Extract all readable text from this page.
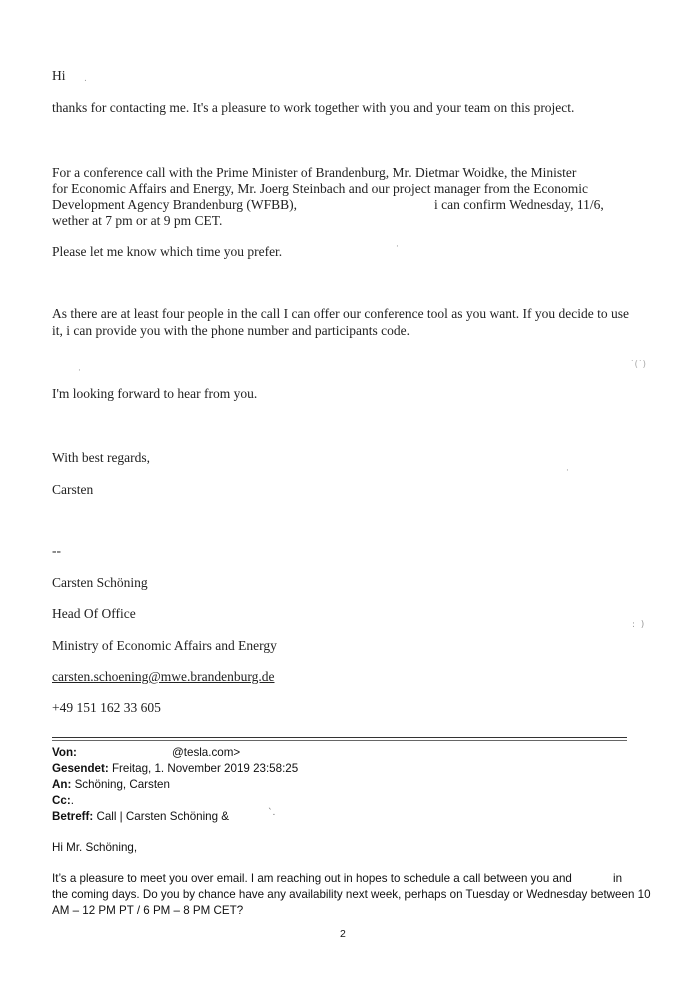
Hi .

thanks for contacting me. It's a pleasure to work together with you and your team on this project.

For a conference call with the Prime Minister of Brandenburg, Mr. Dietmar Woidke, the Minister

for Economic Affairs and Energy, Mr. Joerg Steinbach and our project manager from the Economic

Development Agency Brandenburg (WFBB),	i can confirm Wednesday, 11/6,

wether at 7 pm or at 9 pm CET.

Please let me know which time you prefer.	·

As there are at least four people in the call I can offer our conference tool as you want. If you decide to use

it, i can provide you with the phone number and participants code.

·
˙(˙)

I'm looking forward to hear from you.

With best regards,

·

Carsten

--

Carsten Schöning

Head Of Office

Ministry of Economic Affairs and Energy

:  )

carsten.schoening@mwe.brandenburg.de

+49 151 162 33 605

Von:	@tesla.com>
Gesendet: Freitag, 1. November 2019 23:58:25
An: Schöning, Carsten
Cc:.
Betreff: Call | Carsten Schöning &	`.

Hi Mr. Schöning,

It’s a pleasure to meet you over email. I am reaching out in hopes to schedule a call between you and	in

the coming days. Do you by chance have any availability next week, perhaps on Tuesday or Wednesday between 10

AM – 12 PM PT / 6 PM – 8 PM CET?

2
